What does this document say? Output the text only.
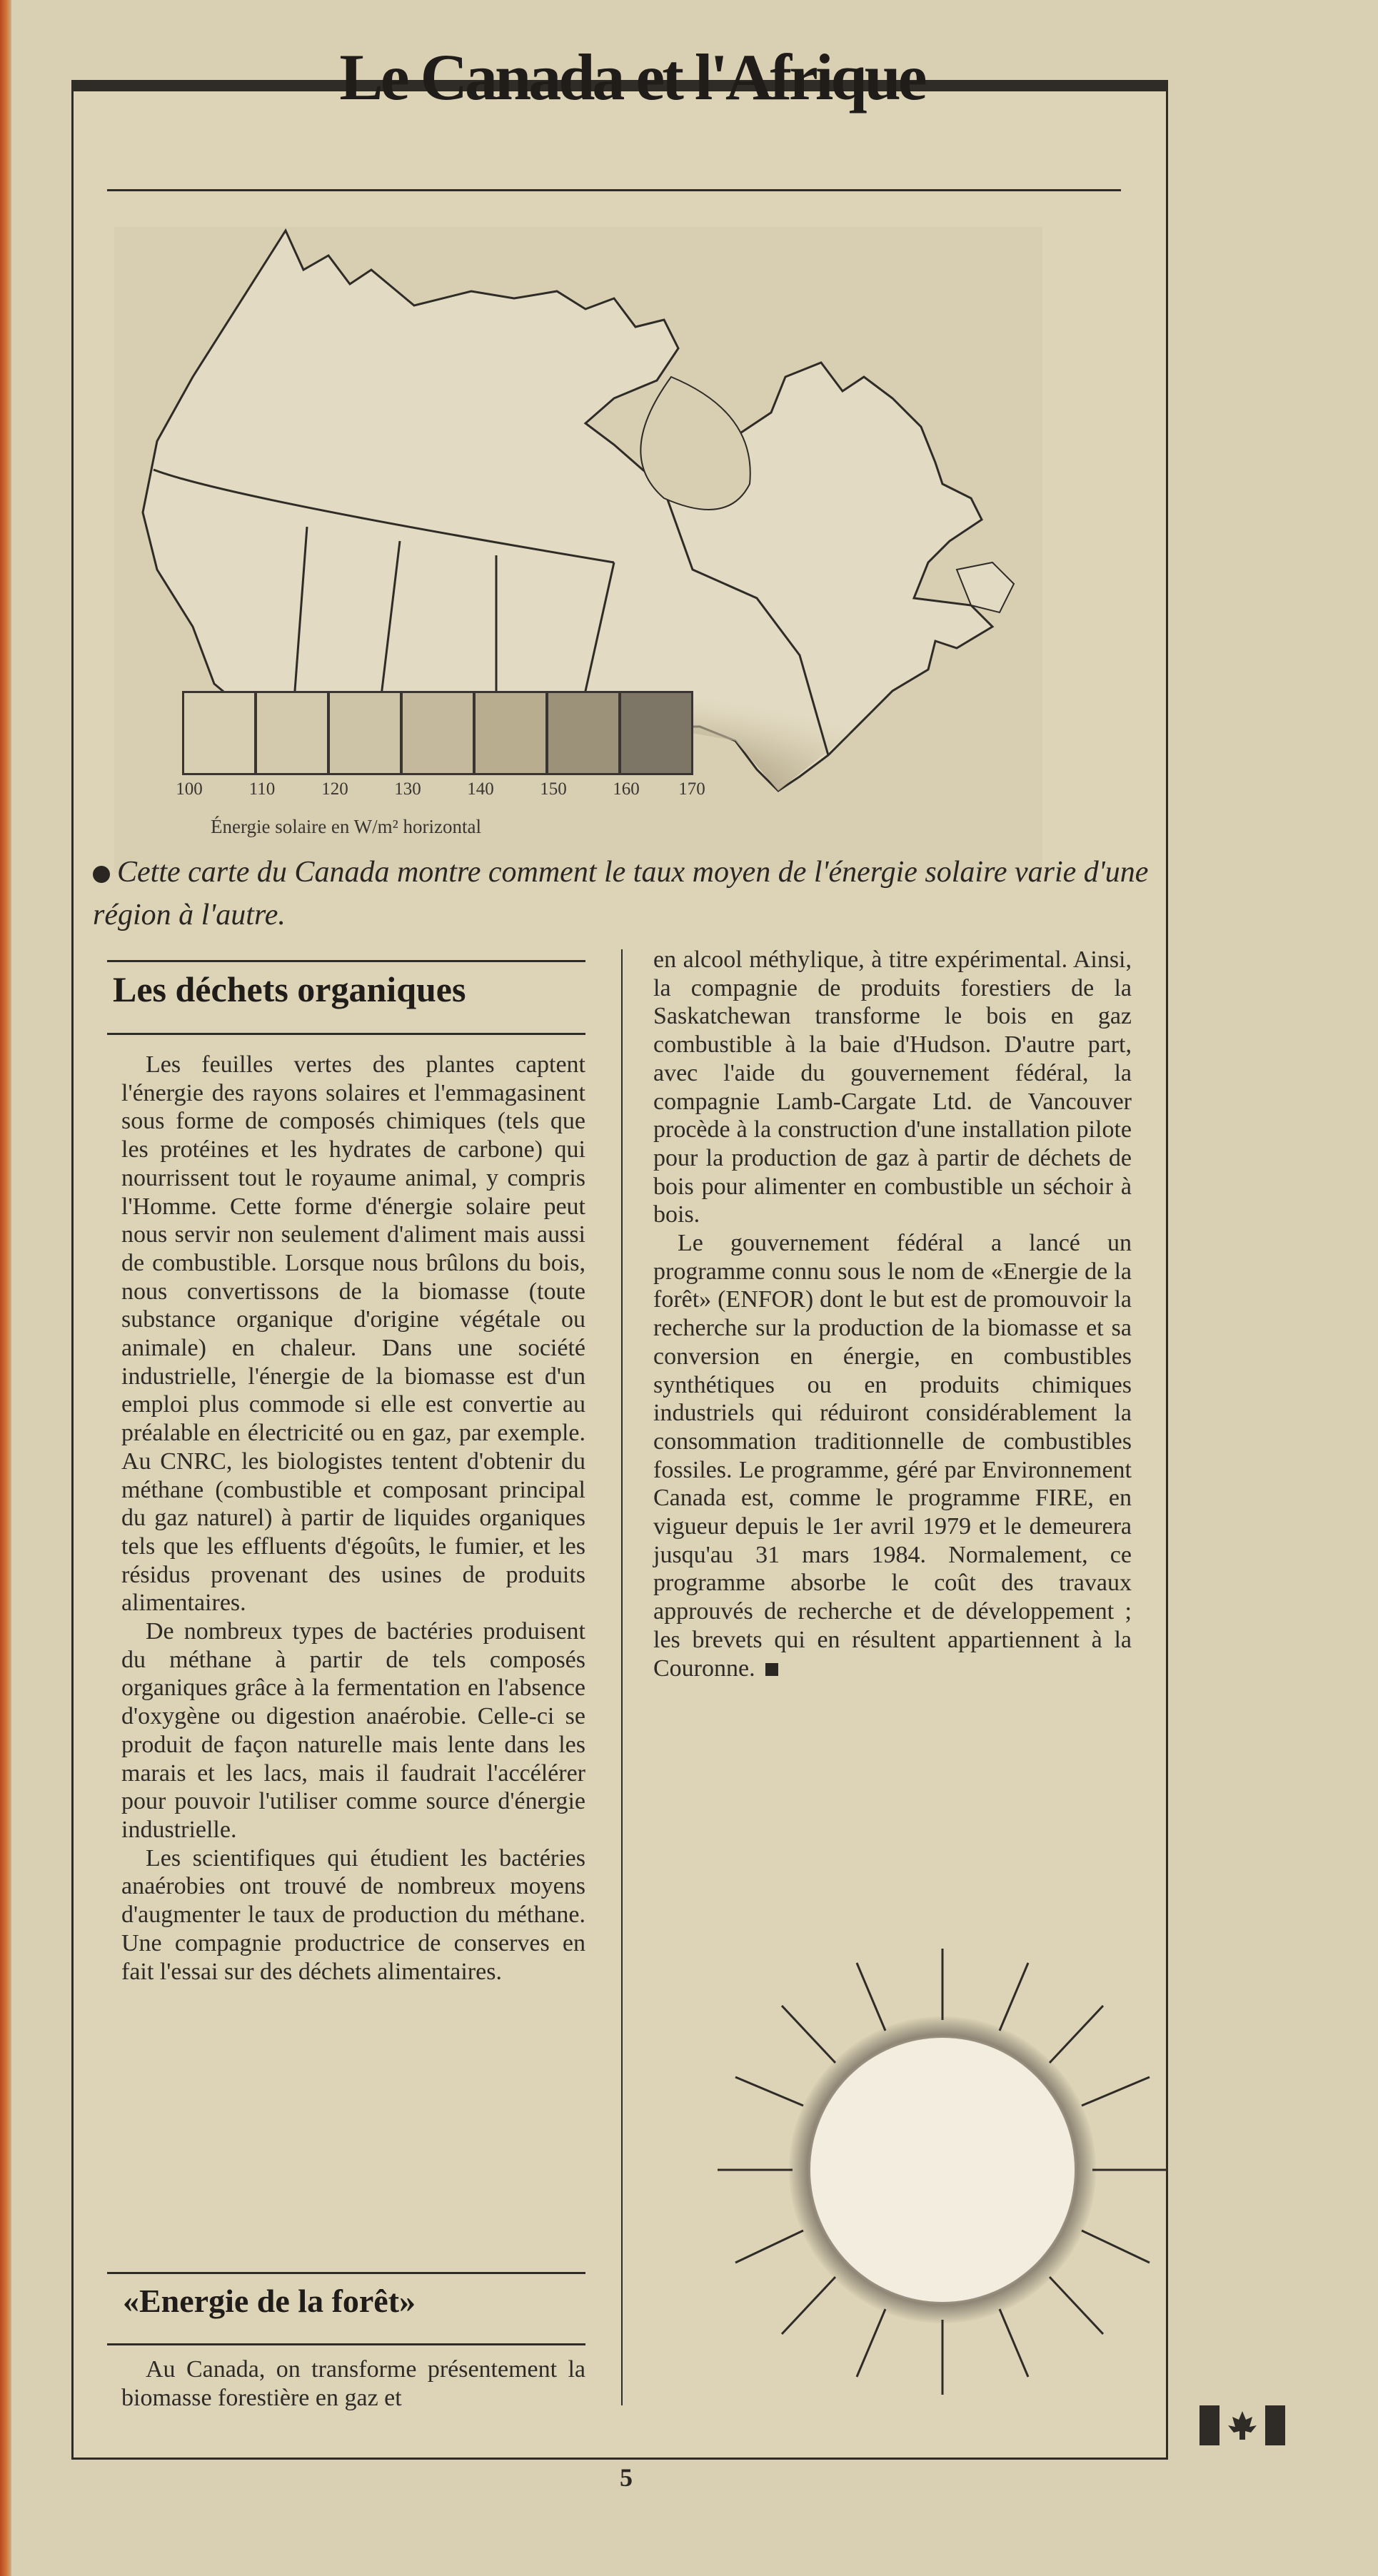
Le Canada et l'Afrique
100	110	120	130	140	150	160	170
Énergie solaire en W/m² horizontal
Cette carte du Canada montre comment le taux moyen de l'énergie solaire varie d'une région à l'autre.
Les déchets organiques

Les feuilles vertes des plantes captent l'énergie des rayons solaires et l'emmagasinent sous forme de composés chimiques (tels que les protéines et les hydrates de carbone) qui nourrissent tout le royaume animal, y compris l'Homme. Cette forme d'énergie solaire peut nous servir non seulement d'aliment mais aussi de combustible. Lorsque nous brûlons du bois, nous convertissons de la biomasse (toute substance organique d'origine végétale ou animale) en chaleur. Dans une société industrielle, l'énergie de la biomasse est d'un emploi plus commode si elle est convertie au préalable en électricité ou en gaz, par exemple. Au CNRC, les biologistes tentent d'obtenir du méthane (combustible et composant principal du gaz naturel) à partir de liquides organiques tels que les effluents d'égoûts, le fumier, et les résidus provenant des usines de produits alimentaires.

De nombreux types de bactéries produisent du méthane à partir de tels composés organiques grâce à la fermentation en l'absence d'oxygène ou digestion anaérobie. Celle-ci se produit de façon naturelle mais lente dans les marais et les lacs, mais il faudrait l'accélérer pour pouvoir l'utiliser comme source d'énergie industrielle.

Les scientifiques qui étudient les bactéries anaérobies ont trouvé de nombreux moyens d'augmenter le taux de production du méthane. Une compagnie productrice de conserves en fait l'essai sur des déchets alimentaires.

«Energie de la forêt»

Au Canada, on transforme présentement la biomasse forestière en gaz et

en alcool méthylique, à titre expérimental. Ainsi, la compagnie de produits forestiers de la Saskatchewan transforme le bois en gaz combustible à la baie d'Hudson. D'autre part, avec l'aide du gouvernement fédéral, la compagnie Lamb-Cargate Ltd. de Vancouver procède à la construction d'une installation pilote pour la production de gaz à partir de déchets de bois pour alimenter en combustible un séchoir à bois.

Le gouvernement fédéral a lancé un programme connu sous le nom de «Energie de la forêt» (ENFOR) dont le but est de promouvoir la recherche sur la production de la biomasse et sa conversion en énergie, en combustibles synthétiques ou en produits chimiques industriels qui réduiront considérablement la consommation traditionnelle de combustibles fossiles. Le programme, géré par Environnement Canada est, comme le programme FIRE, en vigueur depuis le 1er avril 1979 et le demeurera jusqu'au 31 mars 1984. Normalement, ce programme absorbe le coût des travaux approuvés de recherche et de développement ; les brevets qui en résultent appartiennent à la Couronne.

5
